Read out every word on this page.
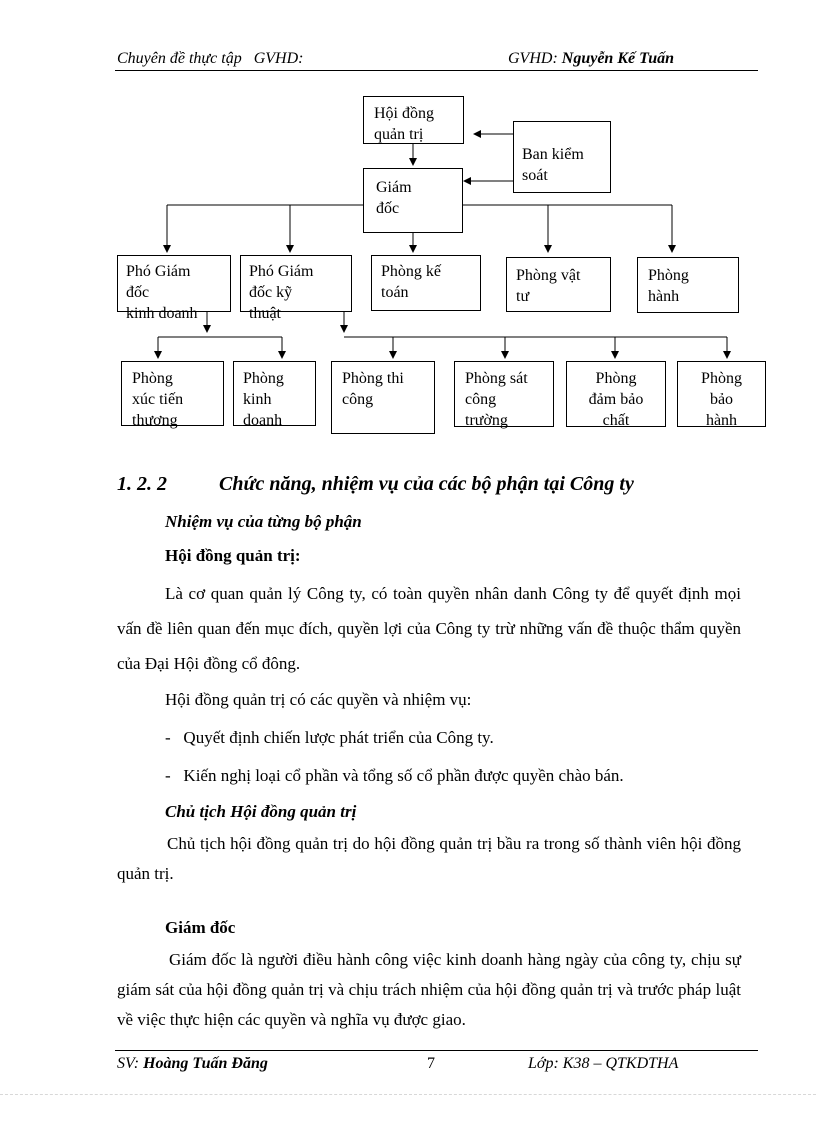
Chuyên đề thực tập GVHD:	GVHD: Nguyễn Kế Tuấn
Hội đồng
quản trị
Ban kiểm
soát
Giám
đốc
Phó Giám
đốc
kinh doanh
Phó Giám
đốc kỹ
thuật
Phòng kế
toán
Phòng vật
tư
Phòng
hành
Phòng
xúc tiến
thương
Phòng
kinh
doanh
Phòng thi
công
Phòng sát
công
trường
Phòng
đảm bảo
chất
Phòng
bảo
hành
1. 2. 2	Chức năng, nhiệm vụ của các bộ phận tại Công ty

Nhiệm vụ của từng bộ phận

Hội đồng quản trị:

Là cơ quan quản lý Công ty, có toàn quyền nhân danh Công ty để quyết định mọi vấn đề liên quan đến mục đích, quyền lợi của Công ty trừ những vấn đề thuộc thẩm quyền của Đại Hội đồng cổ đông.

Hội đồng quản trị có các quyền và nhiệm vụ:

- Quyết định chiến lược phát triển của Công ty.

- Kiến nghị loại cổ phần và tổng số cổ phần được quyền chào bán.

Chủ tịch Hội đồng quản trị

Chủ tịch hội đồng quản trị do hội đồng quản trị bầu ra trong số thành viên hội đồng quản trị.

Giám đốc

Giám đốc là người điều hành công việc kinh doanh hàng ngày của công ty, chịu sự giám sát của hội đồng quản trị và chịu trách nhiệm của hội đồng quản trị và trước pháp luật về việc thực hiện các quyền và nghĩa vụ được giao.

SV: Hoàng Tuấn Đăng	7	Lớp: K38 – QTKDTHA
